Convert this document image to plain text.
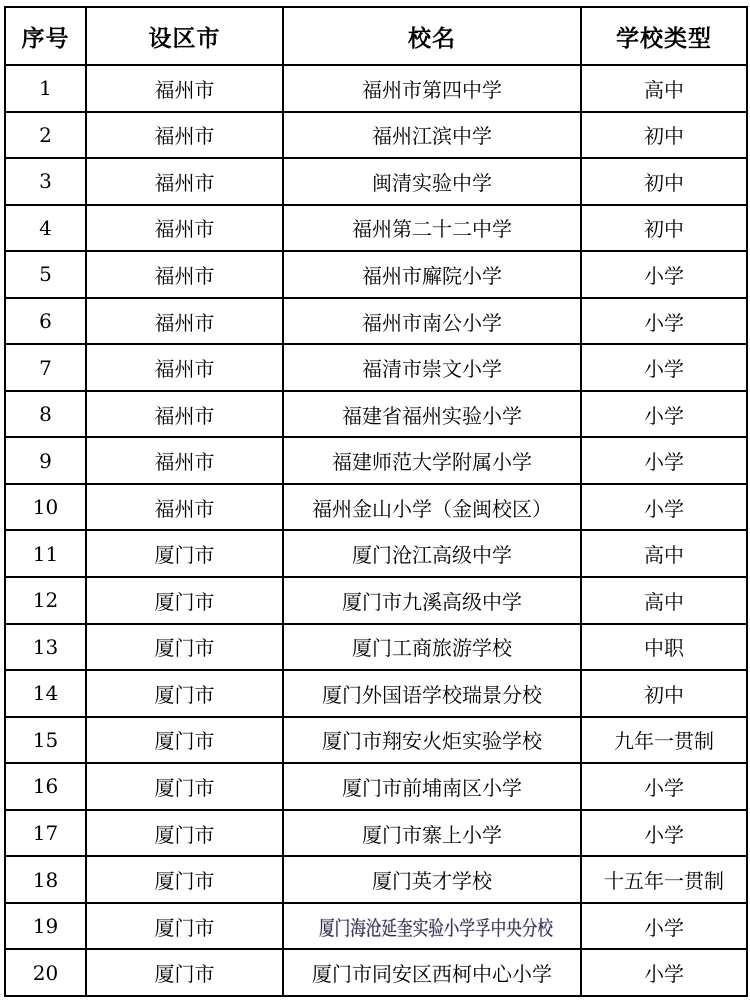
序号	设区市	校名	学校类型
1	福州市	福州市第四中学	高中
2	福州市	福州江滨中学	初中
3	福州市	闽清实验中学	初中
4	福州市	福州第二十二中学	初中
5	福州市	福州市廨院小学	小学
6	福州市	福州市南公小学	小学
7	福州市	福清市崇文小学	小学
8	福州市	福建省福州实验小学	小学
9	福州市	福建师范大学附属小学	小学
10	福州市	福州金山小学（金闽校区）	小学
11	厦门市	厦门沧江高级中学	高中
12	厦门市	厦门市九溪高级中学	高中
13	厦门市	厦门工商旅游学校	中职
14	厦门市	厦门外国语学校瑞景分校	初中
15	厦门市	厦门市翔安火炬实验学校	九年一贯制
16	厦门市	厦门市前埔南区小学	小学
17	厦门市	厦门市寨上小学	小学
18	厦门市	厦门英才学校	十五年一贯制
19	厦门市	厦门海沧延奎实验小学孚中央分校	小学
20	厦门市	厦门市同安区西柯中心小学	小学
